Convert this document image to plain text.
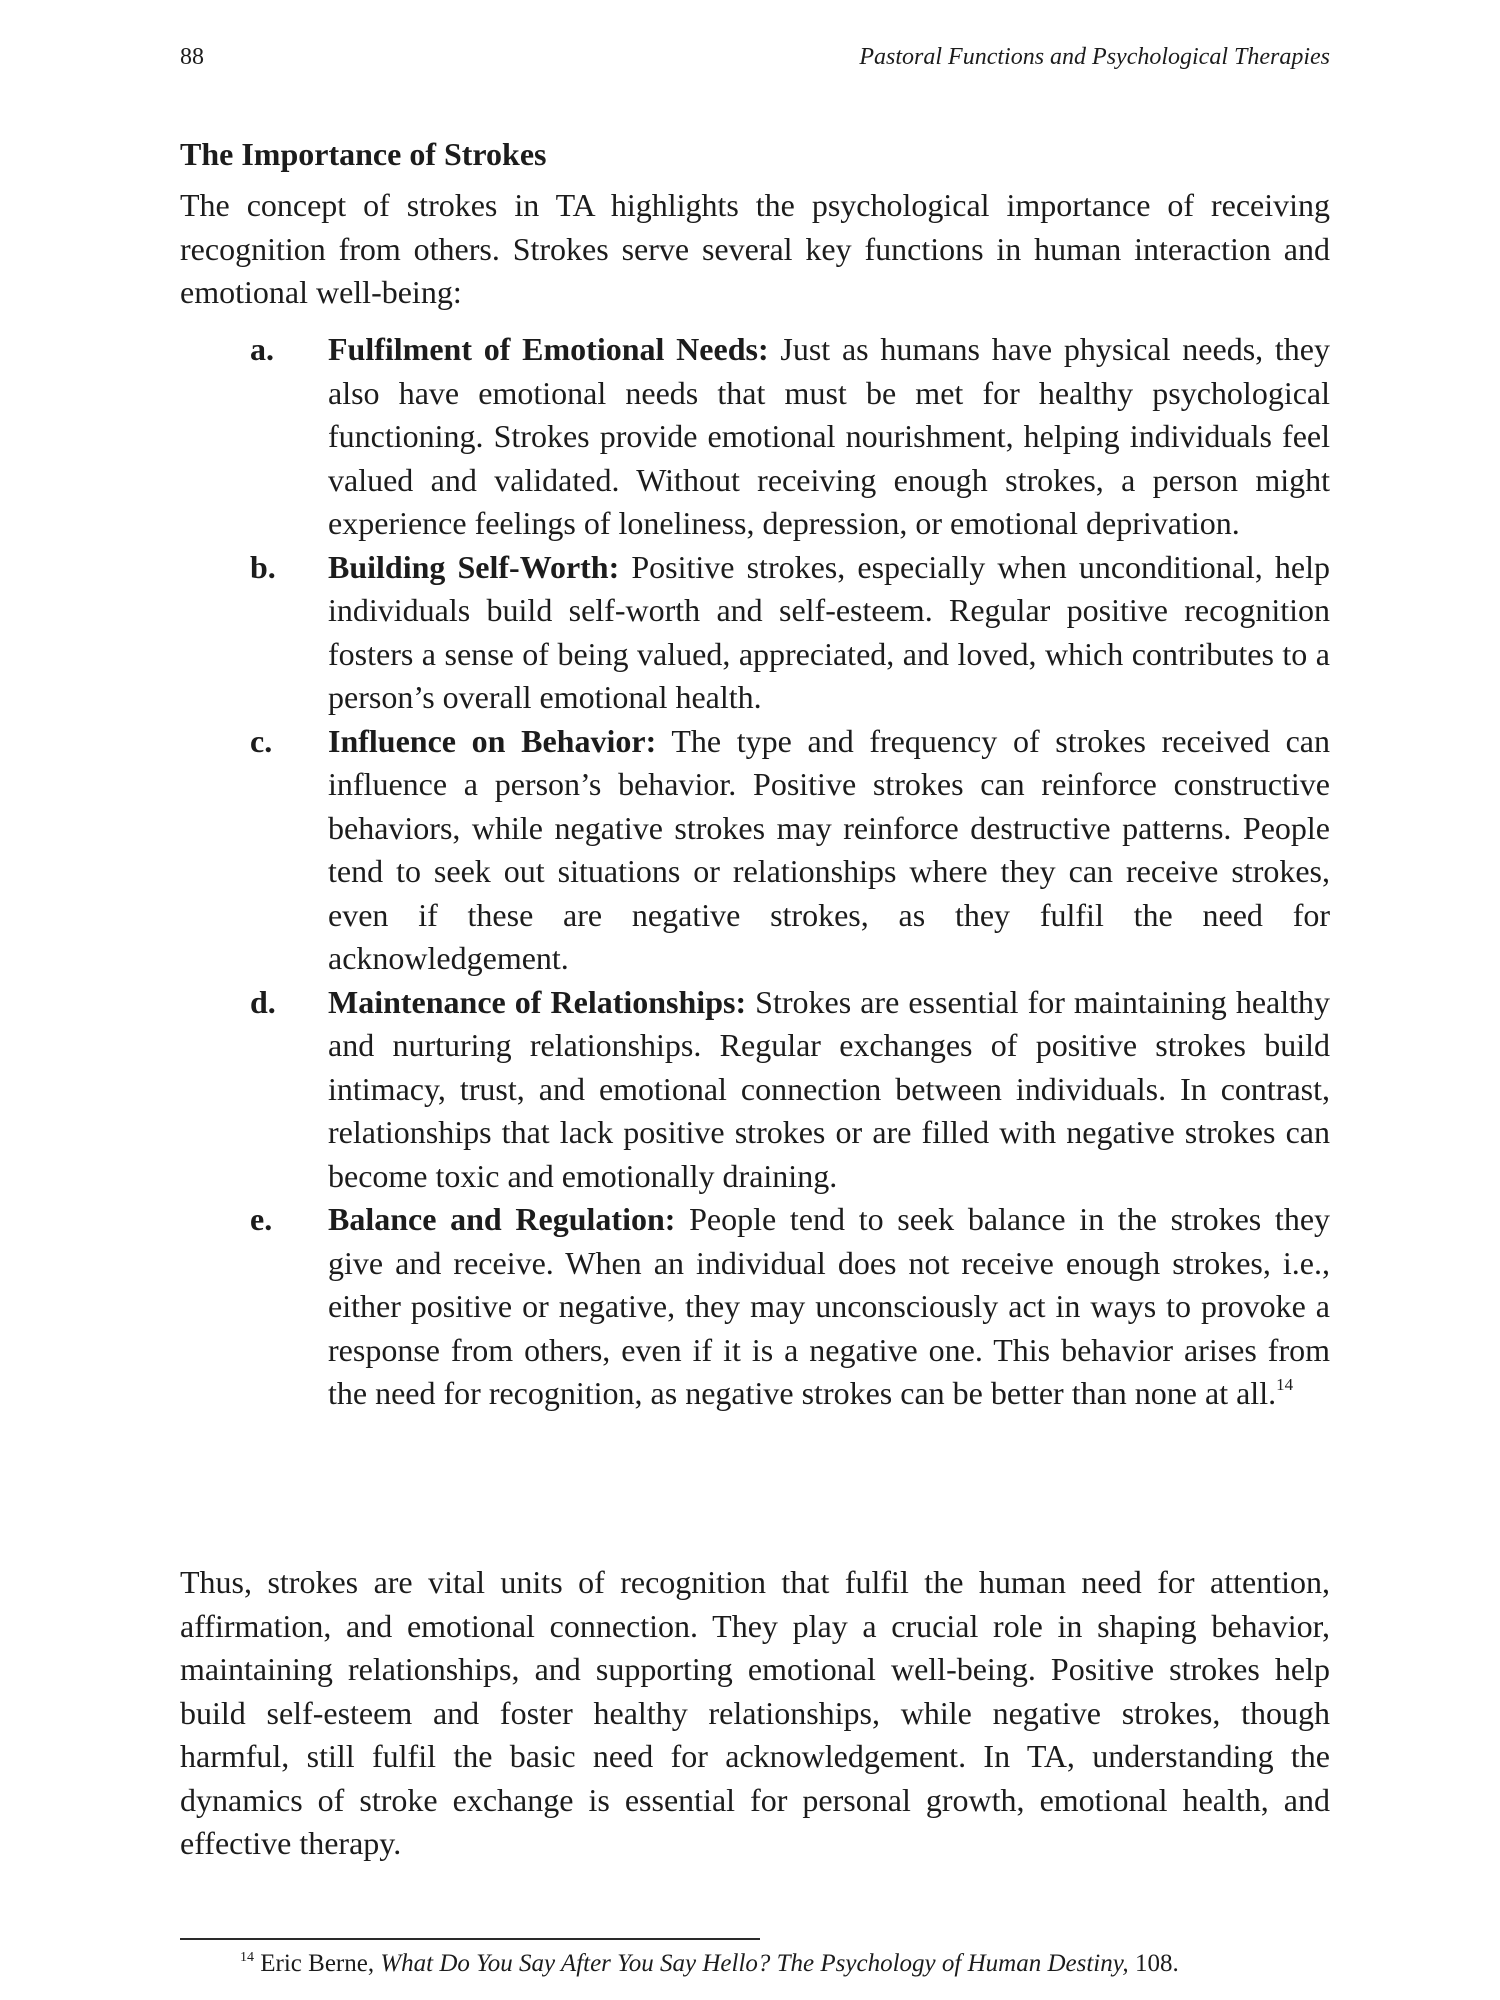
88	Pastoral Functions and Psychological Therapies
The Importance of Strokes

The concept of strokes in TA highlights the psychological importance of receiving recognition from others. Strokes serve several key functions in human interaction and emotional well-being:

a. Fulfilment of Emotional Needs: Just as humans have physical needs, they also have emotional needs that must be met for healthy psychological functioning. Strokes provide emotional nourishment, helping individuals feel valued and validated. Without receiving enough strokes, a person might experience feelings of loneliness, depression, or emotional deprivation.
b. Building Self-Worth: Positive strokes, especially when unconditional, help individuals build self-worth and self-esteem. Regular positive recognition fosters a sense of being valued, appreciated, and loved, which contributes to a person’s overall emotional health.
c. Influence on Behavior: The type and frequency of strokes received can influence a person’s behavior. Positive strokes can reinforce constructive behaviors, while negative strokes may reinforce destructive patterns. People tend to seek out situations or relationships where they can receive strokes, even if these are negative strokes, as they fulfil the need for acknowledgement.
d. Maintenance of Relationships: Strokes are essential for maintaining healthy and nurturing relationships. Regular exchanges of positive strokes build intimacy, trust, and emotional connection between individuals. In contrast, relationships that lack positive strokes or are filled with negative strokes can become toxic and emotionally draining.
e. Balance and Regulation: People tend to seek balance in the strokes they give and receive. When an individual does not receive enough strokes, i.e., either positive or negative, they may unconsciously act in ways to provoke a response from others, even if it is a negative one. This behavior arises from the need for recognition, as negative strokes can be better than none at all.$^{14}$

Thus, strokes are vital units of recognition that fulfil the human need for attention, affirmation, and emotional connection. They play a crucial role in shaping behavior, maintaining relationships, and supporting emotional well-being. Positive strokes help build self-esteem and foster healthy relationships, while negative strokes, though harmful, still fulfil the basic need for acknowledgement. In TA, understanding the dynamics of stroke exchange is essential for personal growth, emotional health, and effective therapy.

$^{14}$ Eric Berne, What Do You Say After You Say Hello? The Psychology of Human Destiny, 108.
